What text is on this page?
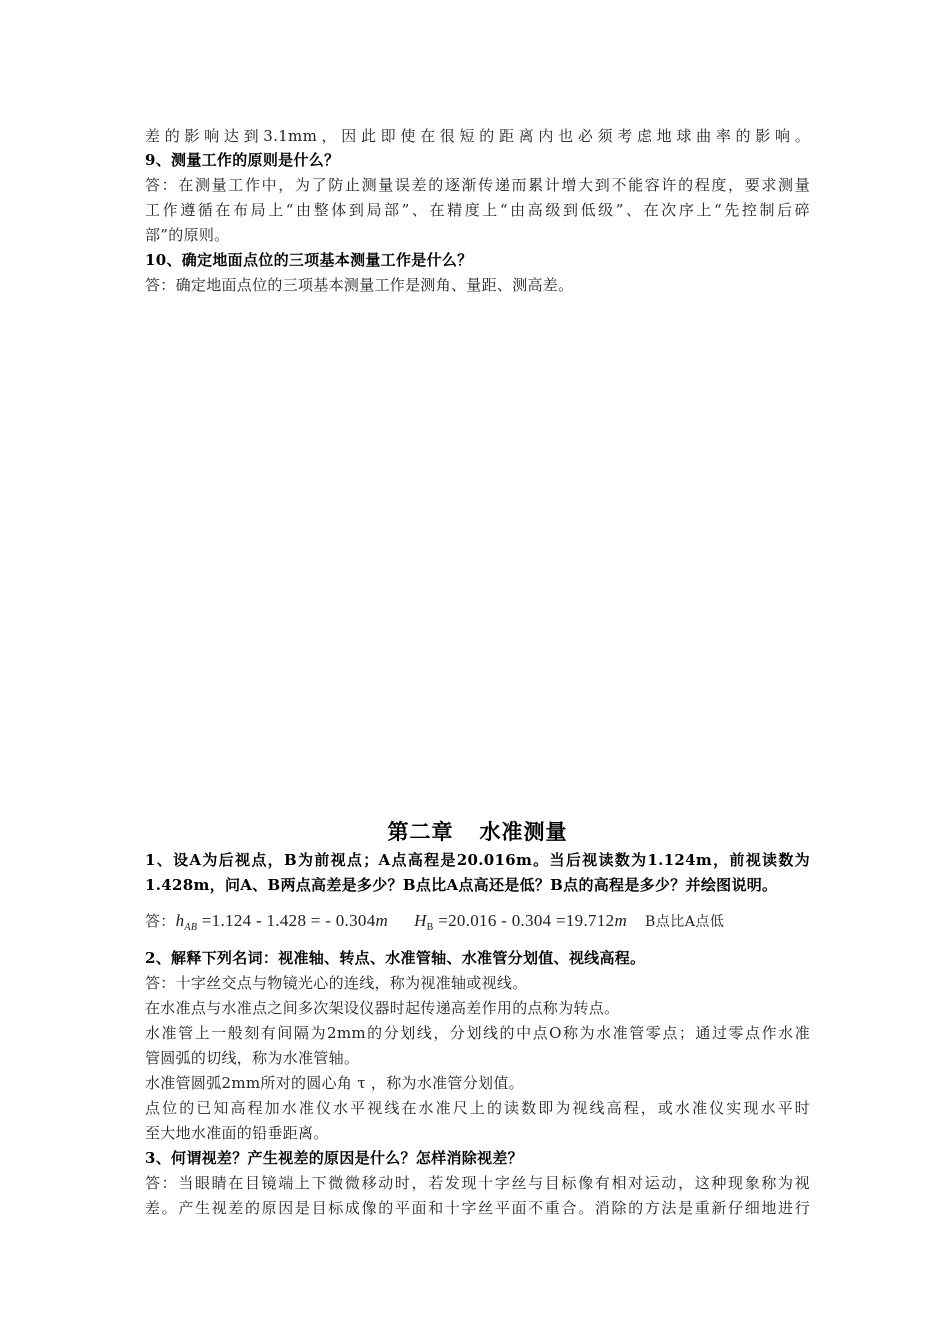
差的影响达到3.1mm，因此即使在很短的距离内也必须考虑地球曲率的影响。
9、测量工作的原则是什么？
答：在测量工作中，为了防止测量误差的逐渐传递而累计增大到不能容许的程度，要求测量
工作遵循在布局上“由整体到局部”、在精度上“由高级到低级”、在次序上“先控制后碎
部”的原则。
10、确定地面点位的三项基本测量工作是什么？
答：确定地面点位的三项基本测量工作是测角、量距、测高差。
第二章 水准测量
1、设A为后视点，B为前视点；A点高程是20.016m。当后视读数为1.124m，前视读数为
1.428m，问A、B两点高差是多少？B点比A点高还是低？B点的高程是多少？并绘图说明。
答：$h_{AB} =1.124 - 1.428$ = - 0.304m $H_B =20.016 - 0.304 =19.712m$ B点比A点低
2、解释下列名词：视准轴、转点、水准管轴、水准管分划值、视线高程。
答：十字丝交点与物镜光心的连线，称为视准轴或视线。
在水准点与水准点之间多次架设仪器时起传递高差作用的点称为转点。
水准管上一般刻有间隔为2mm的分划线，分划线的中点O称为水准管零点；通过零点作水准
管圆弧的切线，称为水准管轴。
水准管圆弧2mm所对的圆心角 τ ，称为水准管分划值。
点位的已知高程加水准仪水平视线在水准尺上的读数即为视线高程，或水准仪实现水平时
至大地水准面的铅垂距离。
3、何谓视差？产生视差的原因是什么？怎样消除视差？
答：当眼睛在目镜端上下微微移动时，若发现十字丝与目标像有相对运动，这种现象称为视
差。产生视差的原因是目标成像的平面和十字丝平面不重合。消除的方法是重新仔细地进行
